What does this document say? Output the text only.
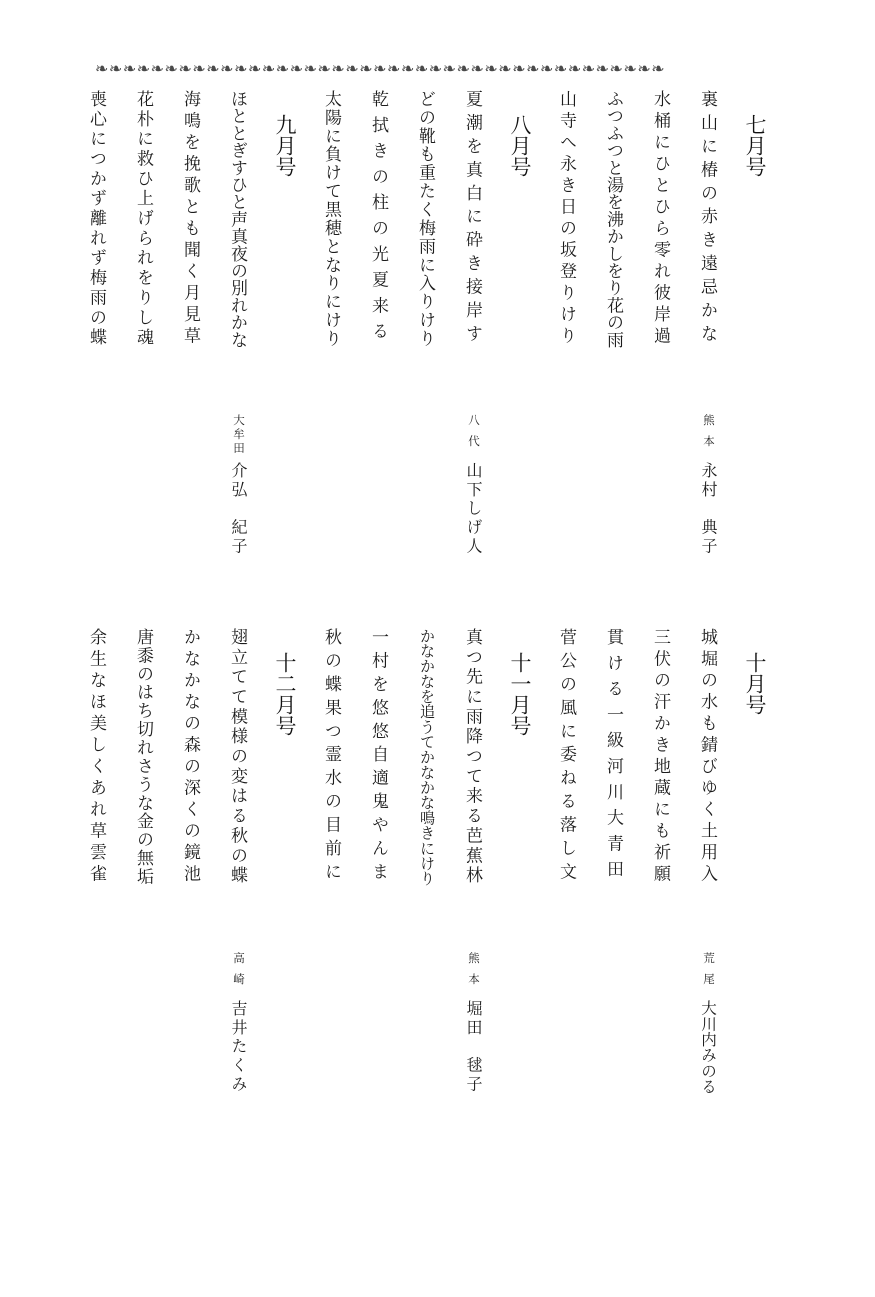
❧❧❧❧❧❧❧❧❧❧❧❧❧❧❧❧❧❧❧❧❧❧❧❧❧❧❧❧❧❧❧❧❧❧❧❧❧❧❧❧❧
七月号
裏山に椿の赤き遠忌かな熊本永村　典子
水桶にひとひら零れ彼岸過
ふつふつと湯を沸かしをり花の雨
山寺へ永き日の坂登りけり
八月号
夏潮を真白に砕き接岸す八代山下しげ人
どの靴も重たく梅雨に入りけり
乾拭きの柱の光夏来る
太陽に負けて黒穂となりにけり
九月号
ほととぎすひと声真夜の別れかな大牟田介弘　紀子
海鳴を挽歌とも聞く月見草
花朴に救ひ上げられをりし魂
喪心につかず離れず梅雨の蝶
十月号
城堀の水も錆びゆく土用入荒尾大川内みのる
三伏の汗かき地蔵にも祈願
貫ける一級河川大青田
菅公の風に委ねる落し文
十一月号
真つ先に雨降つて来る芭蕉林熊本堀田　毬子
かなかなを追うてかなかな鳴きにけり
一村を悠悠自適鬼やんま
秋の蝶果つ霊水の目前に
十二月号
翅立てて模様の変はる秋の蝶高崎吉井たくみ
かなかなの森の深くの鏡池
唐黍のはち切れさうな金の無垢
余生なほ美しくあれ草雲雀
